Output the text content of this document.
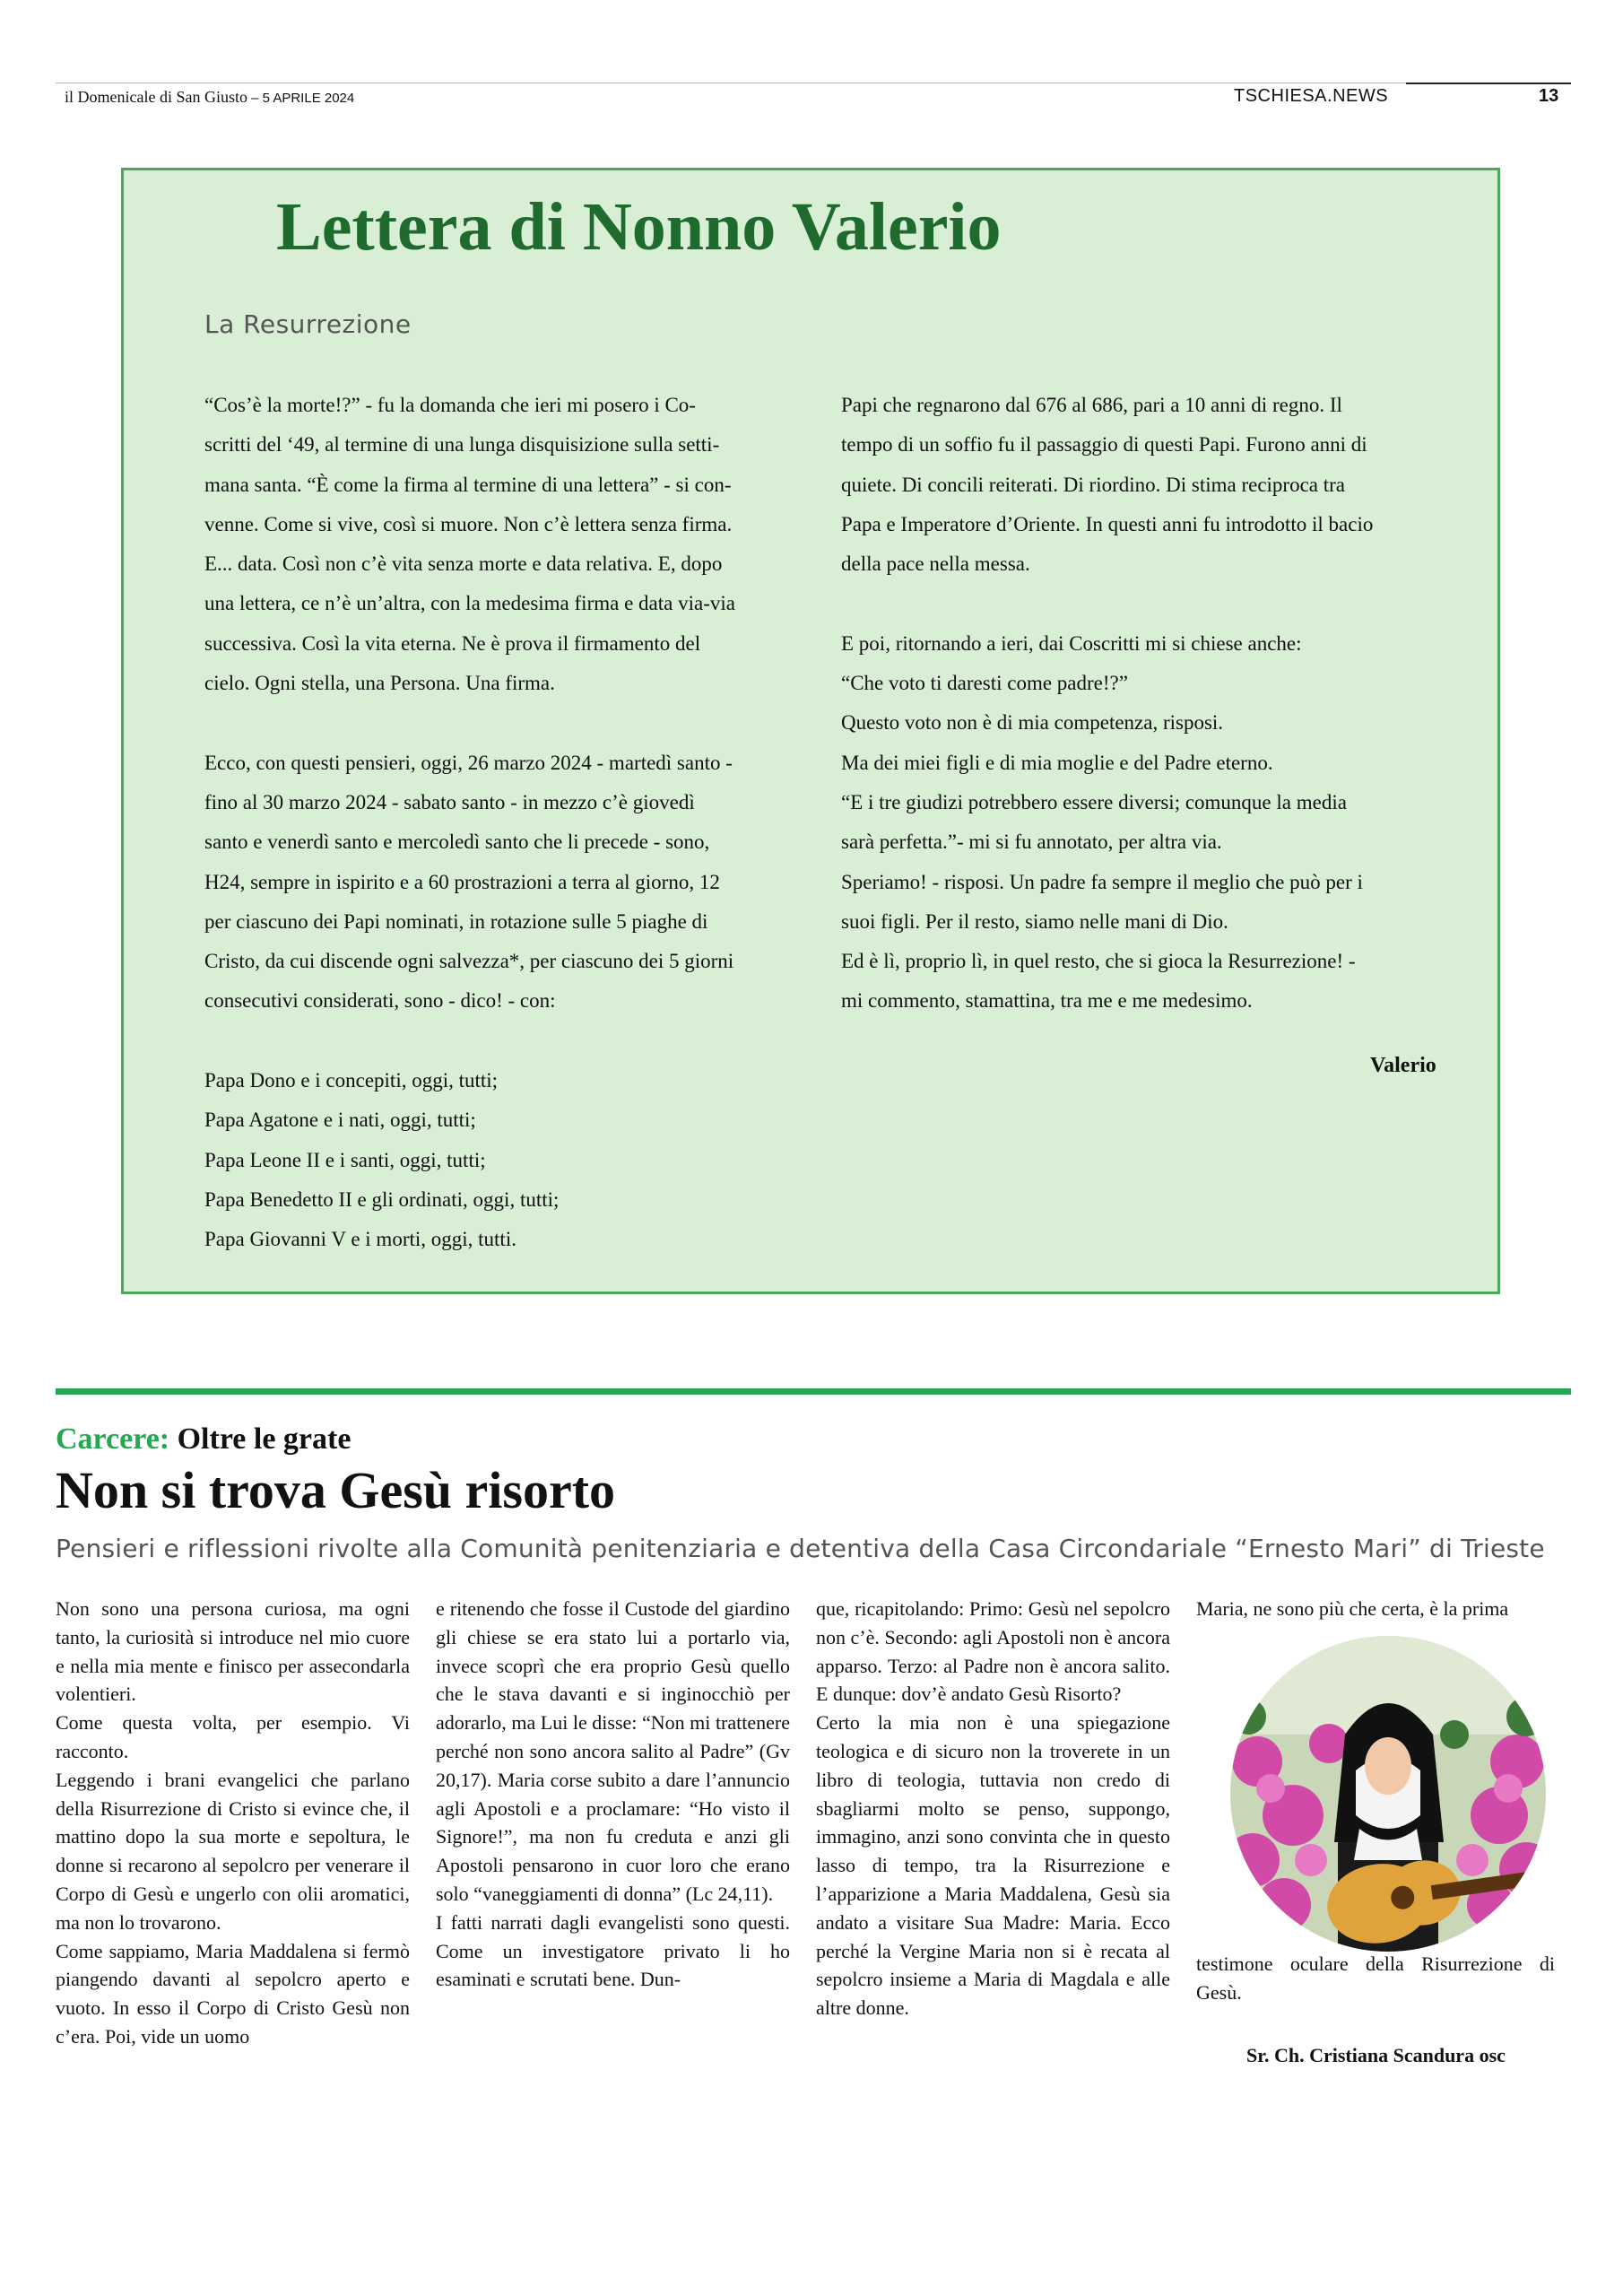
il Domenicale di San Giusto – 5 APRILE 2024	TSCHIESA.NEWS	13
Lettera di Nonno Valerio
La Resurrezione

“Cos’è la morte!?” - fu la domanda che ieri mi posero i Co-

scritti del ‘49, al termine di una lunga disquisizione sulla setti-

mana santa. “È come la firma al termine di una lettera” - si con-

venne. Come si vive, così si muore. Non c’è lettera senza firma.

E... data. Così non c’è vita senza morte e data relativa. E, dopo

una lettera, ce n’è un’altra, con la medesima firma e data via-via

successiva. Così la vita eterna. Ne è prova il firmamento del

cielo. Ogni stella, una Persona. Una firma.

Ecco, con questi pensieri, oggi, 26 marzo 2024 - martedì santo -

fino al 30 marzo 2024 - sabato santo - in mezzo c’è giovedì

santo e venerdì santo e mercoledì santo che li precede - sono,

H24, sempre in ispirito e a 60 prostrazioni a terra al giorno, 12

per ciascuno dei Papi nominati, in rotazione sulle 5 piaghe di

Cristo, da cui discende ogni salvezza*, per ciascuno dei 5 giorni

consecutivi considerati, sono - dico! - con:

Papa Dono e i concepiti, oggi, tutti;

Papa Agatone e i nati, oggi, tutti;

Papa Leone II e i santi, oggi, tutti;

Papa Benedetto II e gli ordinati, oggi, tutti;

Papa Giovanni V e i morti, oggi, tutti.

Papi che regnarono dal 676 al 686, pari a 10 anni di regno. Il

tempo di un soffio fu il passaggio di questi Papi. Furono anni di

quiete. Di concili reiterati. Di riordino. Di stima reciproca tra

Papa e Imperatore d’Oriente. In questi anni fu introdotto il bacio

della pace nella messa.

E poi, ritornando a ieri, dai Coscritti mi si chiese anche:

“Che voto ti daresti come padre!?”

Questo voto non è di mia competenza, risposi.

Ma dei miei figli e di mia moglie e del Padre eterno.

“E i tre giudizi potrebbero essere diversi; comunque la media

sarà perfetta.”- mi si fu annotato, per altra via.

Speriamo! - risposi. Un padre fa sempre il meglio che può per i

suoi figli. Per il resto, siamo nelle mani di Dio.

Ed è lì, proprio lì, in quel resto, che si gioca la Resurrezione! -

mi commento, stamattina, tra me e me medesimo.

Valerio
Carcere: Oltre le grate
Non si trova Gesù risorto
Pensieri e riflessioni rivolte alla Comunità penitenziaria e detentiva della Casa Circondariale “Ernesto Mari” di Trieste

Non sono una persona curiosa, ma ogni tanto, la curiosità si introduce nel mio cuore e nella mia mente e finisco per assecondarla volentieri.

Come questa volta, per esempio. Vi racconto.

Leggendo i brani evangelici che parlano della Risurrezione di Cristo si evince che, il mattino dopo la sua morte e sepoltura, le donne si recarono al sepolcro per venerare il Corpo di Gesù e ungerlo con olii aromatici, ma non lo trovarono.

Come sappiamo, Maria Maddalena si fermò piangendo davanti al sepolcro aperto e vuoto. In esso il Corpo di Cristo Gesù non c’era. Poi, vide un uomo

e ritenendo che fosse il Custode del giardino gli chiese se era stato lui a portarlo via, invece scoprì che era proprio Gesù quello che le stava davanti e si inginocchiò per adorarlo, ma Lui le disse: “Non mi trattenere perché non sono ancora salito al Padre” (Gv 20,17). Maria corse subito a dare l’annuncio agli Apostoli e a proclamare: “Ho visto il Signore!”, ma non fu creduta e anzi gli Apostoli pensarono in cuor loro che erano solo “vaneggiamenti di donna” (Lc 24,11).

I fatti narrati dagli evangelisti sono questi. Come un investigatore privato li ho esaminati e scrutati bene. Dun-

que, ricapitolando: Primo: Gesù nel sepolcro non c’è. Secondo: agli Apostoli non è ancora apparso. Terzo: al Padre non è ancora salito. E dunque: dov’è andato Gesù Risorto?

Certo la mia non è una spiegazione teologica e di sicuro non la troverete in un libro di teologia, tuttavia non credo di sbagliarmi molto se penso, suppongo, immagino, anzi sono convinta che in questo lasso di tempo, tra la Risurrezione e l’apparizione a Maria Maddalena, Gesù sia andato a visitare Sua Madre: Maria. Ecco perché la Vergine Maria non si è recata al sepolcro insieme a Maria di Magdala e alle altre donne.

Maria, ne sono più che certa, è la prima

testimone oculare della Risurrezione di Gesù.
Sr. Ch. Cristiana Scandura osc
